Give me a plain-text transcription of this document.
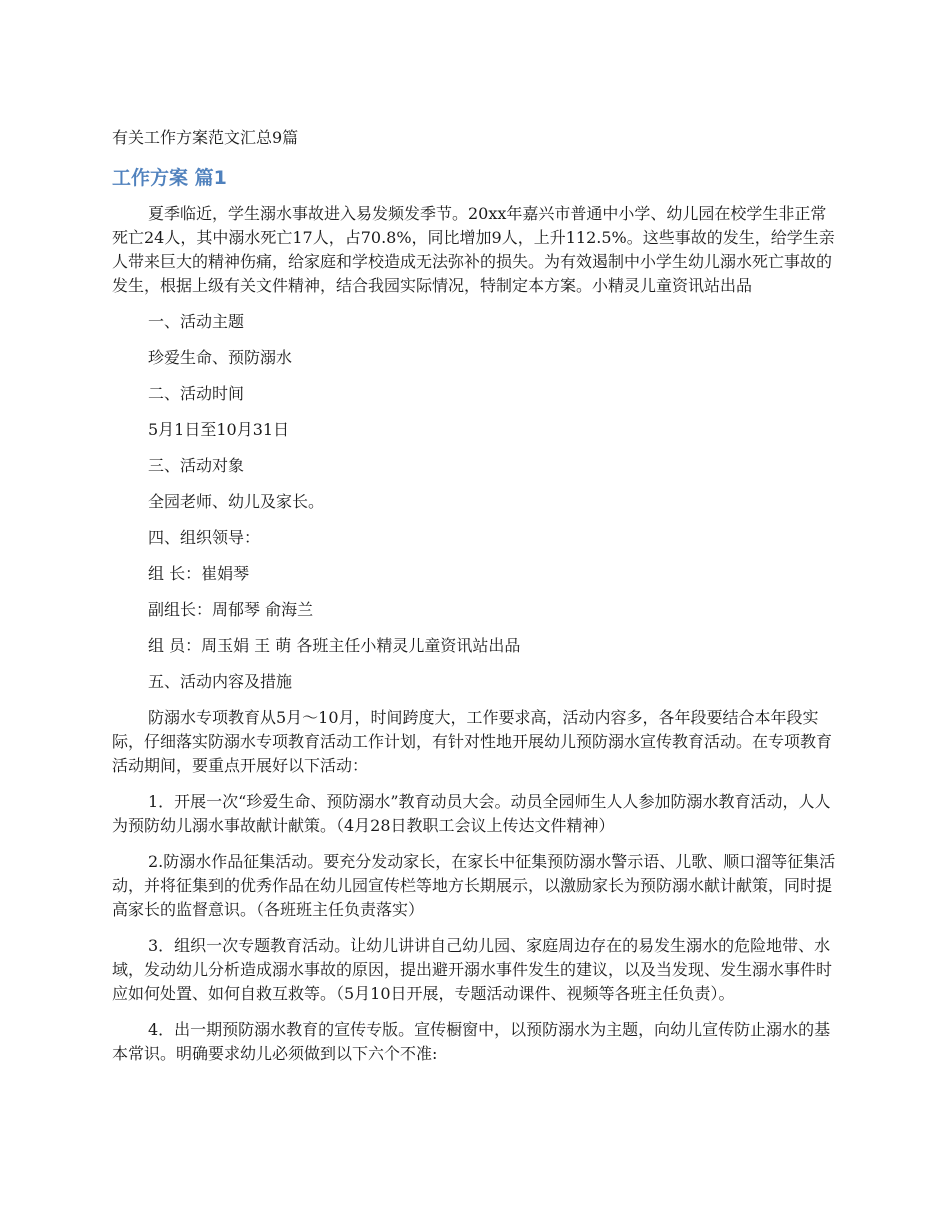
有关工作方案范文汇总9篇
工作方案 篇1

夏季临近，学生溺水事故进入易发频发季节。20xx年嘉兴市普通中小学、幼儿园在校学生非正常死亡24人，其中溺水死亡17人，占70.8%，同比增加9人，上升112.5%。这些事故的发生，给学生亲人带来巨大的精神伤痛，给家庭和学校造成无法弥补的损失。为有效遏制中小学生幼儿溺水死亡事故的发生，根据上级有关文件精神，结合我园实际情况，特制定本方案。小精灵儿童资讯站出品

一、活动主题

珍爱生命、预防溺水

二、活动时间

5月1日至10月31日

三、活动对象

全园老师、幼儿及家长。

四、组织领导：

组 长：崔娟琴

副组长：周郁琴 俞海兰

组 员：周玉娟 王 萌 各班主任小精灵儿童资讯站出品

五、活动内容及措施

防溺水专项教育从5月～10月，时间跨度大，工作要求高，活动内容多，各年段要结合本年段实际，仔细落实防溺水专项教育活动工作计划，有针对性地开展幼儿预防溺水宣传教育活动。在专项教育活动期间，要重点开展好以下活动：

1．开展一次“珍爱生命、预防溺水”教育动员大会。动员全园师生人人参加防溺水教育活动，人人为预防幼儿溺水事故献计献策。（4月28日教职工会议上传达文件精神）

2.防溺水作品征集活动。要充分发动家长，在家长中征集预防溺水警示语、儿歌、顺口溜等征集活动，并将征集到的优秀作品在幼儿园宣传栏等地方长期展示，以激励家长为预防溺水献计献策，同时提高家长的监督意识。（各班班主任负责落实）

3．组织一次专题教育活动。让幼儿讲讲自己幼儿园、家庭周边存在的易发生溺水的危险地带、水域，发动幼儿分析造成溺水事故的原因，提出避开溺水事件发生的建议，以及当发现、发生溺水事件时应如何处置、如何自救互救等。（5月10日开展，专题活动课件、视频等各班主任负责）。

4．出一期预防溺水教育的宣传专版。宣传橱窗中，以预防溺水为主题，向幼儿宣传防止溺水的基本常识。明确要求幼儿必须做到以下六个不准:
